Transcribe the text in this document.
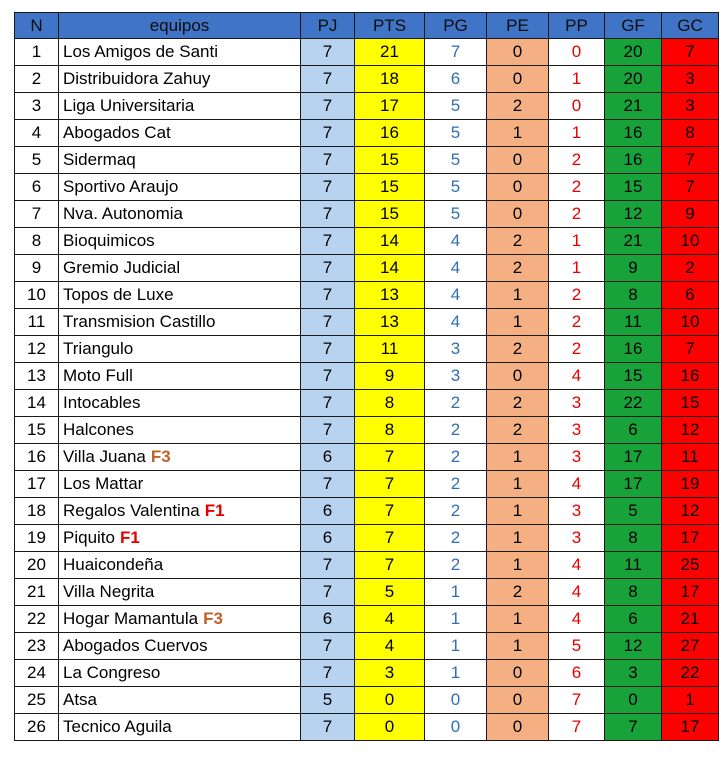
N	equipos	PJ	PTS	PG	PE	PP	GF	GC
1	Los Amigos de Santi	7	21	7	0	0	20	7
2	Distribuidora Zahuy	7	18	6	0	1	20	3
3	Liga Universitaria	7	17	5	2	0	21	3
4	Abogados Cat	7	16	5	1	1	16	8
5	Sidermaq	7	15	5	0	2	16	7
6	Sportivo Araujo	7	15	5	0	2	15	7
7	Nva. Autonomia	7	15	5	0	2	12	9
8	Bioquimicos	7	14	4	2	1	21	10
9	Gremio Judicial	7	14	4	2	1	9	2
10	Topos de Luxe	7	13	4	1	2	8	6
11	Transmision Castillo	7	13	4	1	2	11	10
12	Triangulo	7	11	3	2	2	16	7
13	Moto Full	7	9	3	0	4	15	16
14	Intocables	7	8	2	2	3	22	15
15	Halcones	7	8	2	2	3	6	12
16	Villa Juana F3	6	7	2	1	3	17	11
17	Los Mattar	7	7	2	1	4	17	19
18	Regalos Valentina F1	6	7	2	1	3	5	12
19	Piquito F1	6	7	2	1	3	8	17
20	Huaicondeña	7	7	2	1	4	11	25
21	Villa Negrita	7	5	1	2	4	8	17
22	Hogar Mamantula F3	6	4	1	1	4	6	21
23	Abogados Cuervos	7	4	1	1	5	12	27
24	La Congreso	7	3	1	0	6	3	22
25	Atsa	5	0	0	0	7	0	1
26	Tecnico Aguila	7	0	0	0	7	7	17
